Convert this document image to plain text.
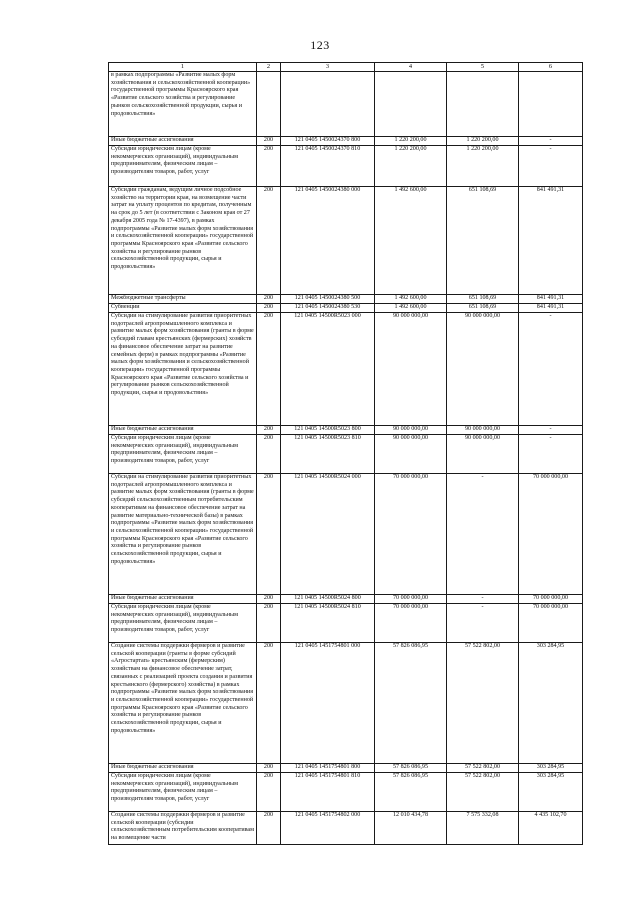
123
1	2	3	4	5	6
в рамках подпрограммы «Развитие малых форм хозяйствования и сельскохозяйственной кооперации» государственной программы Красноярского края «Развитие сельского хозяйства и регулирование рынков сельскохозяйственной продукции, сырья и продовольствия»					
Иные бюджетные ассигнования	200	121 0405 1450024370 800	1 220 200,00	1 220 200,00	-
Субсидии юридическим лицам (кроме некоммерческих организаций), индивидуальным предпринимателям, физическим лицам – производителям товаров, работ, услуг	200	121 0405 1450024370 810	1 220 200,00	1 220 200,00	-
Субсидии гражданам, ведущим личное подсобное хозяйство на территории края, на возмещение части затрат на уплату процентов по кредитам, полученным на срок до 5 лет (в соответствии с Законом края от 27 декабря 2005 года № 17-4397), в рамках подпрограммы «Развитие малых форм хозяйствования и сельскохозяйственной кооперации» государственной программы Красноярского края «Развитие сельского хозяйства и регулирование рынков сельскохозяйственной продукции, сырья и продовольствия»	200	121 0405 1450024380 000	1 492 600,00	651 108,69	841 491,31
Межбюджетные трансферты	200	121 0405 1450024380 500	1 492 600,00	651 108,69	841 491,31
Субвенции	200	121 0405 1450024380 530	1 492 600,00	651 108,69	841 491,31
Субсидии на стимулирование развития приоритетных подотраслей агропромышленного комплекса и развитие малых форм хозяйствования (гранты в форме субсидий главам крестьянских (фермерских) хозяйств на финансовое обеспечение затрат на развитие семейных ферм) в рамках подпрограммы «Развитие малых форм хозяйствования и сельскохозяйственной кооперации» государственной программы Красноярского края «Развитие сельского хозяйства и регулирование рынков сельскохозяйственной продукции, сырья и продовольствия»	200	121 0405 14500R5023 000	90 000 000,00	90 000 000,00	-
Иные бюджетные ассигнования	200	121 0405 14500R5023 800	90 000 000,00	90 000 000,00	-
Субсидии юридическим лицам (кроме некоммерческих организаций), индивидуальным предпринимателям, физическим лицам – производителям товаров, работ, услуг	200	121 0405 14500R5023 810	90 000 000,00	90 000 000,00	-
Субсидии на стимулирование развития приоритетных подотраслей агропромышленного комплекса и развитие малых форм хозяйствования (гранты в форме субсидий сельскохозяйственным потребительским кооперативам на финансовое обеспечение затрат на развитие материально-технической базы) в рамках подпрограммы «Развитие малых форм хозяйствования и сельскохозяйственной кооперации» государственной программы Красноярского края «Развитие сельского хозяйства и регулирование рынков сельскохозяйственной продукции, сырья и продовольствия»	200	121 0405 14500R5024 000	70 000 000,00	-	70 000 000,00
Иные бюджетные ассигнования	200	121 0405 14500R5024 800	70 000 000,00	-	70 000 000,00
Субсидии юридическим лицам (кроме некоммерческих организаций), индивидуальным предпринимателям, физическим лицам – производителям товаров, работ, услуг	200	121 0405 14500R5024 810	70 000 000,00	-	70 000 000,00
Создание системы поддержки фермеров и развитие сельской кооперации (гранты в форме субсидий «Агростартап» крестьянским (фермерским) хозяйствам на финансовое обеспечение затрат, связанных с реализацией проекта создания и развития крестьянского (фермерского) хозяйства) в рамках подпрограммы «Развитие малых форм хозяйствования и сельскохозяйственной кооперации» государственной программы Красноярского края «Развитие сельского хозяйства и регулирование рынков сельскохозяйственной продукции, сырья и продовольствия»	200	121 0405 1451754801 000	57 826 086,95	57 522 802,00	303 284,95
Иные бюджетные ассигнования	200	121 0405 1451754801 800	57 826 086,95	57 522 802,00	303 284,95
Субсидии юридическим лицам (кроме некоммерческих организаций), индивидуальным предпринимателям, физическим лицам – производителям товаров, работ, услуг	200	121 0405 1451754801 810	57 826 086,95	57 522 802,00	303 284,95
Создание системы поддержки фермеров и развитие сельской кооперации (субсидии сельскохозяйственным потребительским кооперативам на возмещение части	200	121 0405 1451754802 000	12 010 434,78	7 575 332,08	4 435 102,70
